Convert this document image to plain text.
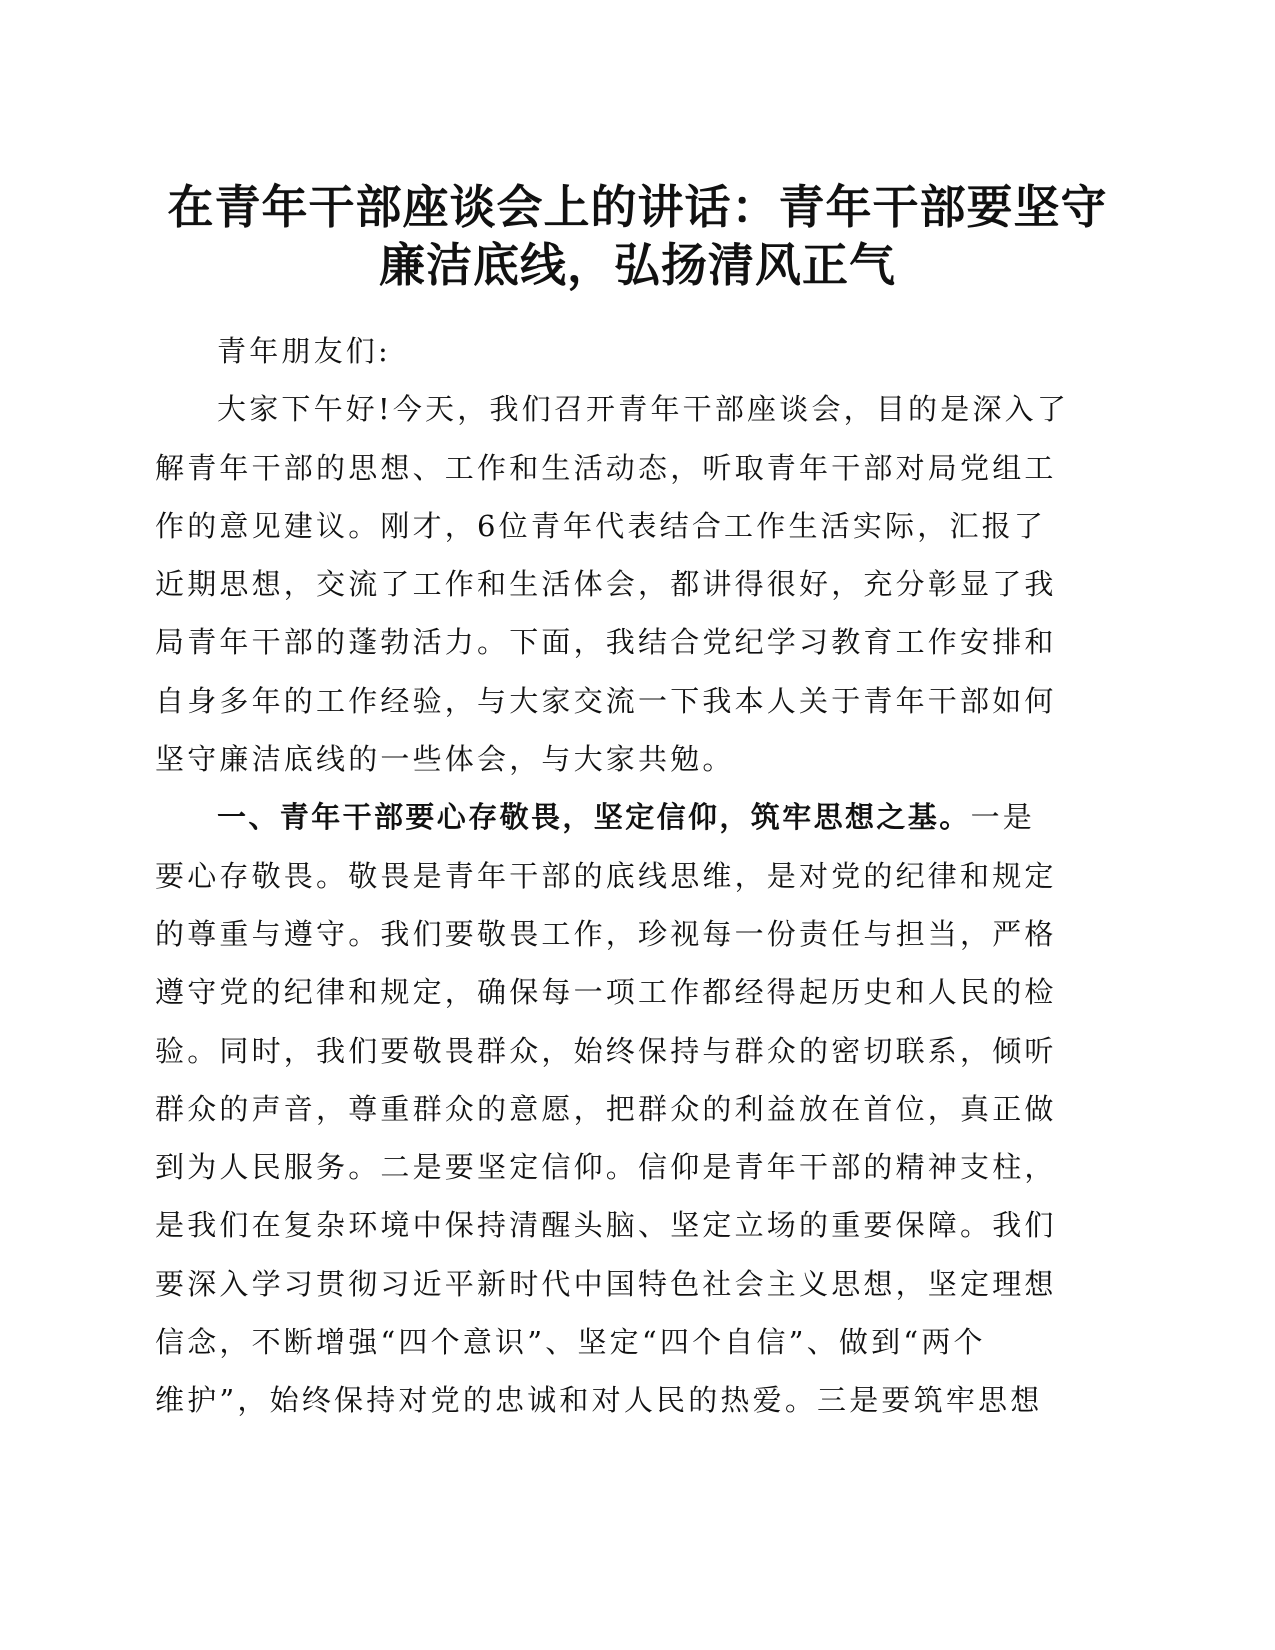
在青年干部座谈会上的讲话：青年干部要坚守
廉洁底线，弘扬清风正气
青年朋友们:
大家下午好!今天，我们召开青年干部座谈会，目的是深入了
解青年干部的思想、工作和生活动态，听取青年干部对局党组工
作的意见建议。刚才，6位青年代表结合工作生活实际，汇报了
近期思想，交流了工作和生活体会，都讲得很好，充分彰显了我
局青年干部的蓬勃活力。下面，我结合党纪学习教育工作安排和
自身多年的工作经验，与大家交流一下我本人关于青年干部如何
坚守廉洁底线的一些体会，与大家共勉。
一、青年干部要心存敬畏，坚定信仰，筑牢思想之基。一是
要心存敬畏。敬畏是青年干部的底线思维，是对党的纪律和规定
的尊重与遵守。我们要敬畏工作，珍视每一份责任与担当，严格
遵守党的纪律和规定，确保每一项工作都经得起历史和人民的检
验。同时，我们要敬畏群众，始终保持与群众的密切联系，倾听
群众的声音，尊重群众的意愿，把群众的利益放在首位，真正做
到为人民服务。二是要坚定信仰。信仰是青年干部的精神支柱，
是我们在复杂环境中保持清醒头脑、坚定立场的重要保障。我们
要深入学习贯彻习近平新时代中国特色社会主义思想，坚定理想
信念，不断增强“四个意识”、坚定“四个自信”、做到“两个
维护”，始终保持对党的忠诚和对人民的热爱。三是要筑牢思想
